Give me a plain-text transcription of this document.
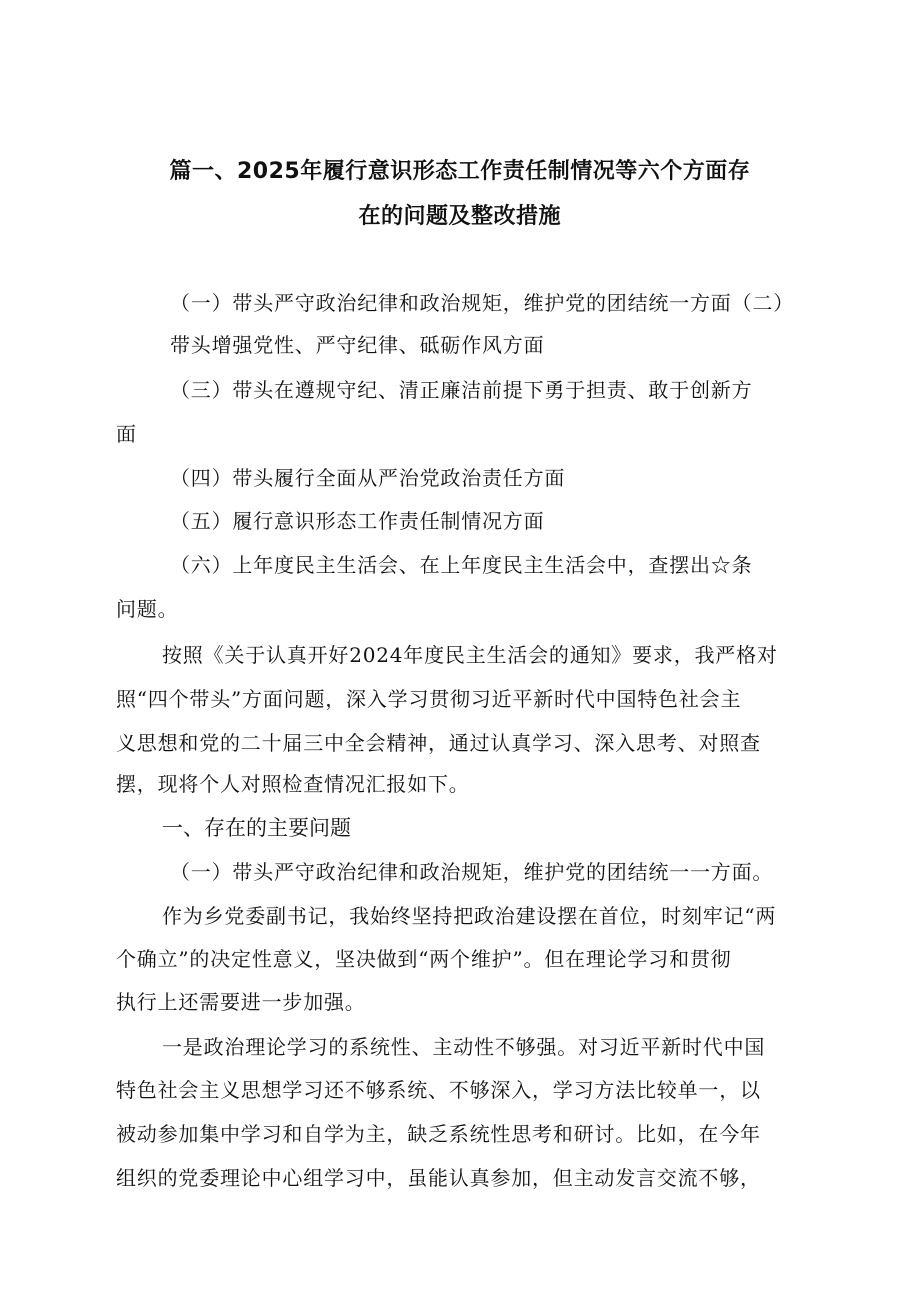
篇一、2025年履行意识形态工作责任制情况等六个方面存
在的问题及整改措施
（一）带头严守政治纪律和政治规矩，维护党的团结统一方面（二）
带头增强党性、严守纪律、砥砺作风方面
（三）带头在遵规守纪、清正廉洁前提下勇于担责、敢于创新方
面
（四）带头履行全面从严治党政治责任方面
（五）履行意识形态工作责任制情况方面
（六）上年度民主生活会、在上年度民主生活会中，查摆出☆条
问题。
按照《关于认真开好2024年度民主生活会的通知》要求，我严格对
照“四个带头”方面问题，深入学习贯彻习近平新时代中国特色社会主
义思想和党的二十届三中全会精神，通过认真学习、深入思考、对照查
摆，现将个人对照检查情况汇报如下。
一、存在的主要问题
（一）带头严守政治纪律和政治规矩，维护党的团结统一一方面。
作为乡党委副书记，我始终坚持把政治建设摆在首位，时刻牢记“两
个确立”的决定性意义，坚决做到“两个维护”。但在理论学习和贯彻
执行上还需要进一步加强。
一是政治理论学习的系统性、主动性不够强。对习近平新时代中国
特色社会主义思想学习还不够系统、不够深入，学习方法比较单一，以
被动参加集中学习和自学为主，缺乏系统性思考和研讨。比如，在今年
组织的党委理论中心组学习中，虽能认真参加，但主动发言交流不够，
